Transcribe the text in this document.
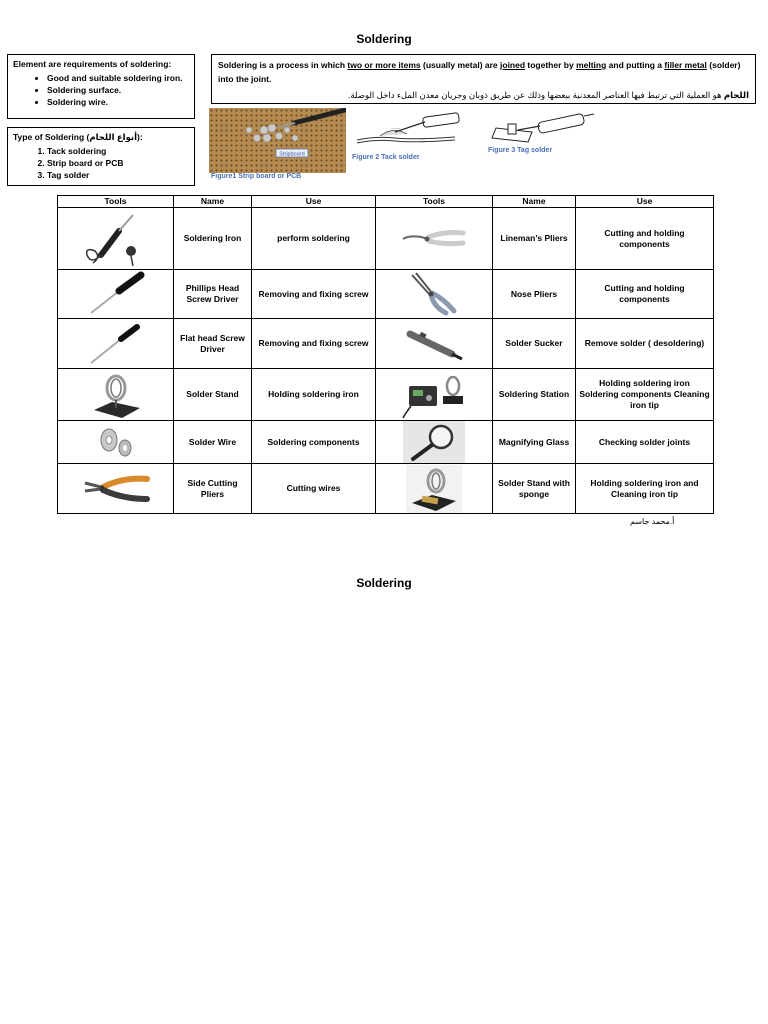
Soldering
Element are requirements of soldering:
• Good and suitable soldering iron.
• Soldering surface.
• Soldering wire.
Type of Soldering (أنواع اللحام):
1. Tack soldering
2. Strip board or PCB
3. Tag solder
Soldering is a process in which two or more items (usually metal) are joined together by melting and putting a filler metal (solder) into the joint.
اللحام هو العملية التي ترتبط فيها العناصر المعدنية ببعضها وذلك عن طريق ذوبان وجريان معدن الملء داخل الوصلة.
Stripboard
Figure1 Strip board or PCB
~~~~
Figure 2 Tack solder
Figure 3 Tag solder
Tools	Name	Use	Tools	Name	Use

	Soldering Iron	perform soldering		Lineman’s Pliers	Cutting and holding components

	Phillips Head Screw Driver	Removing and fixing screw		Nose Pliers	Cutting and holding components

	Flat head Screw Driver	Removing and fixing screw		Solder Sucker	Remove solder ( desoldering)

	Solder Stand	Holding soldering iron		Soldering Station	Holding soldering iron Soldering components Cleaning iron tip

	Solder Wire	Soldering components		Magnifying Glass	Checking solder joints

	Side Cutting Pliers	Cutting wires		Solder Stand with sponge	Holding soldering iron and Cleaning iron tip
أ.محمد جاسم
Soldering
